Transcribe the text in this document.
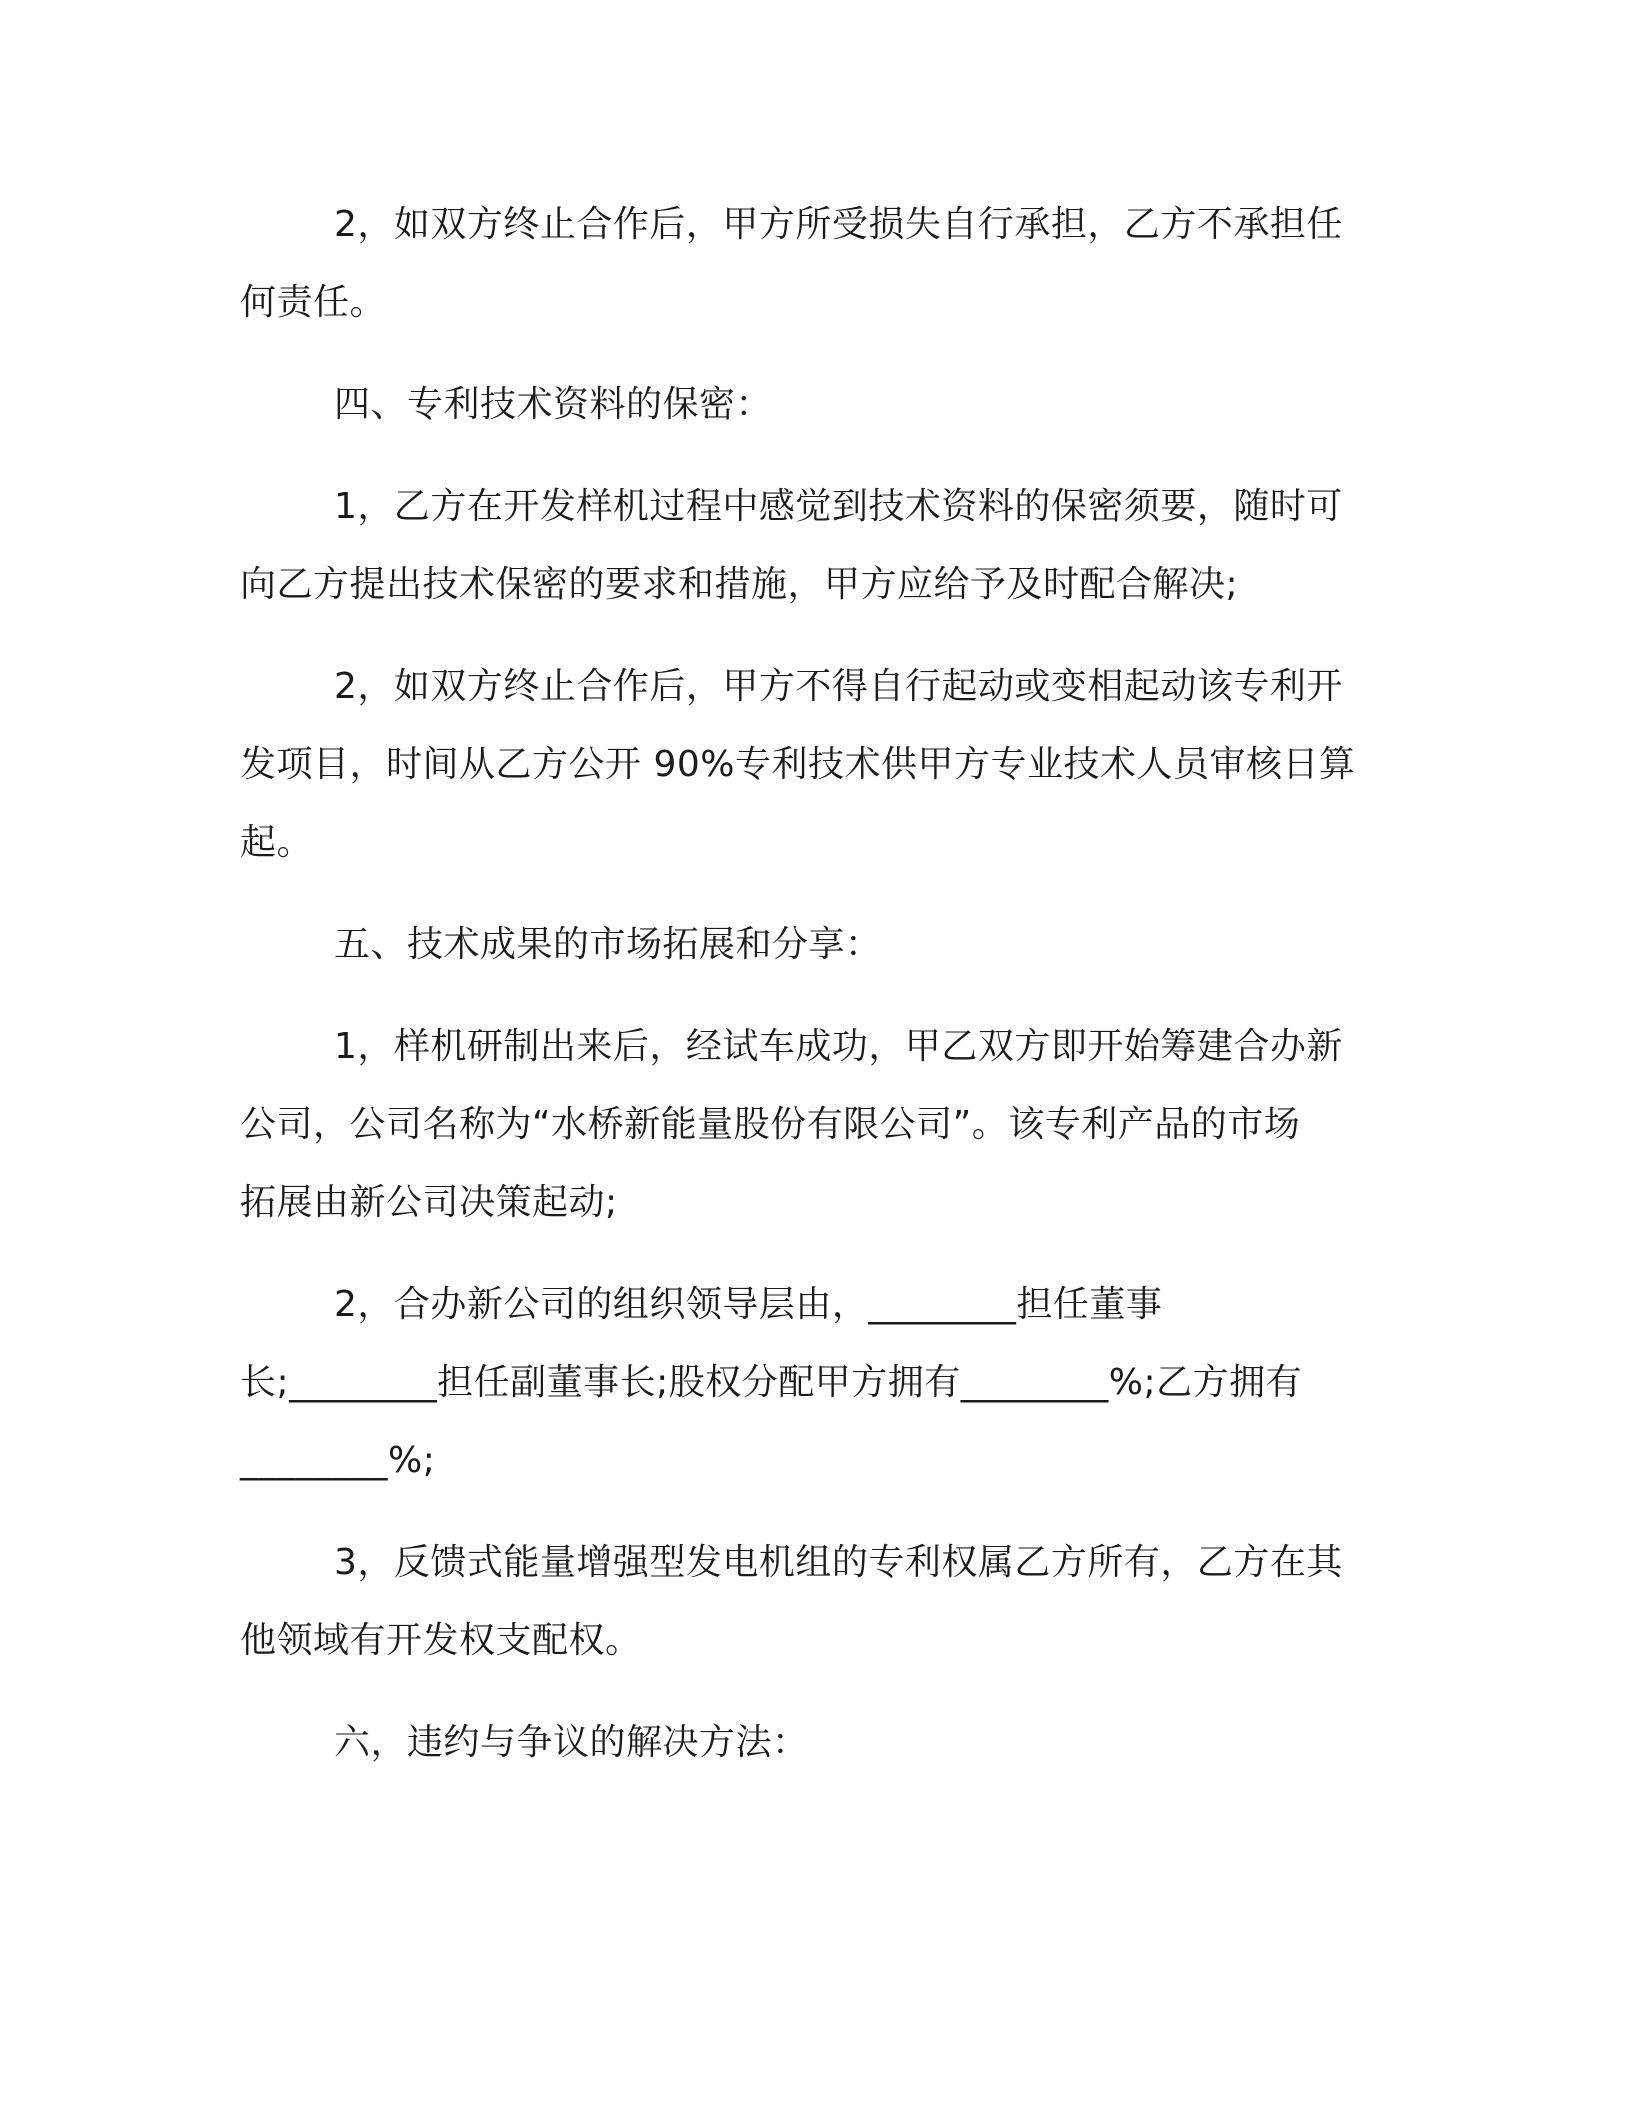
2，如双方终止合作后，甲方所受损失自行承担，乙方不承担任
何责任。

四、专利技术资料的保密：

1，乙方在开发样机过程中感觉到技术资料的保密须要，随时可
向乙方提出技术保密的要求和措施，甲方应给予及时配合解决;

2，如双方终止合作后，甲方不得自行起动或变相起动该专利开
发项目，时间从乙方公开 90%专利技术供甲方专业技术人员审核日算
起。

五、技术成果的市场拓展和分享：

1，样机研制出来后，经试车成功，甲乙双方即开始筹建合办新
公司，公司名称为“水桥新能量股份有限公司”。该专利产品的市场
拓展由新公司决策起动;

2，合办新公司的组织领导层由，________担任董事
长;________担任副董事长;股权分配甲方拥有________%;乙方拥有
________%;

3，反馈式能量增强型发电机组的专利权属乙方所有，乙方在其
他领域有开发权支配权。

六，违约与争议的解决方法：
